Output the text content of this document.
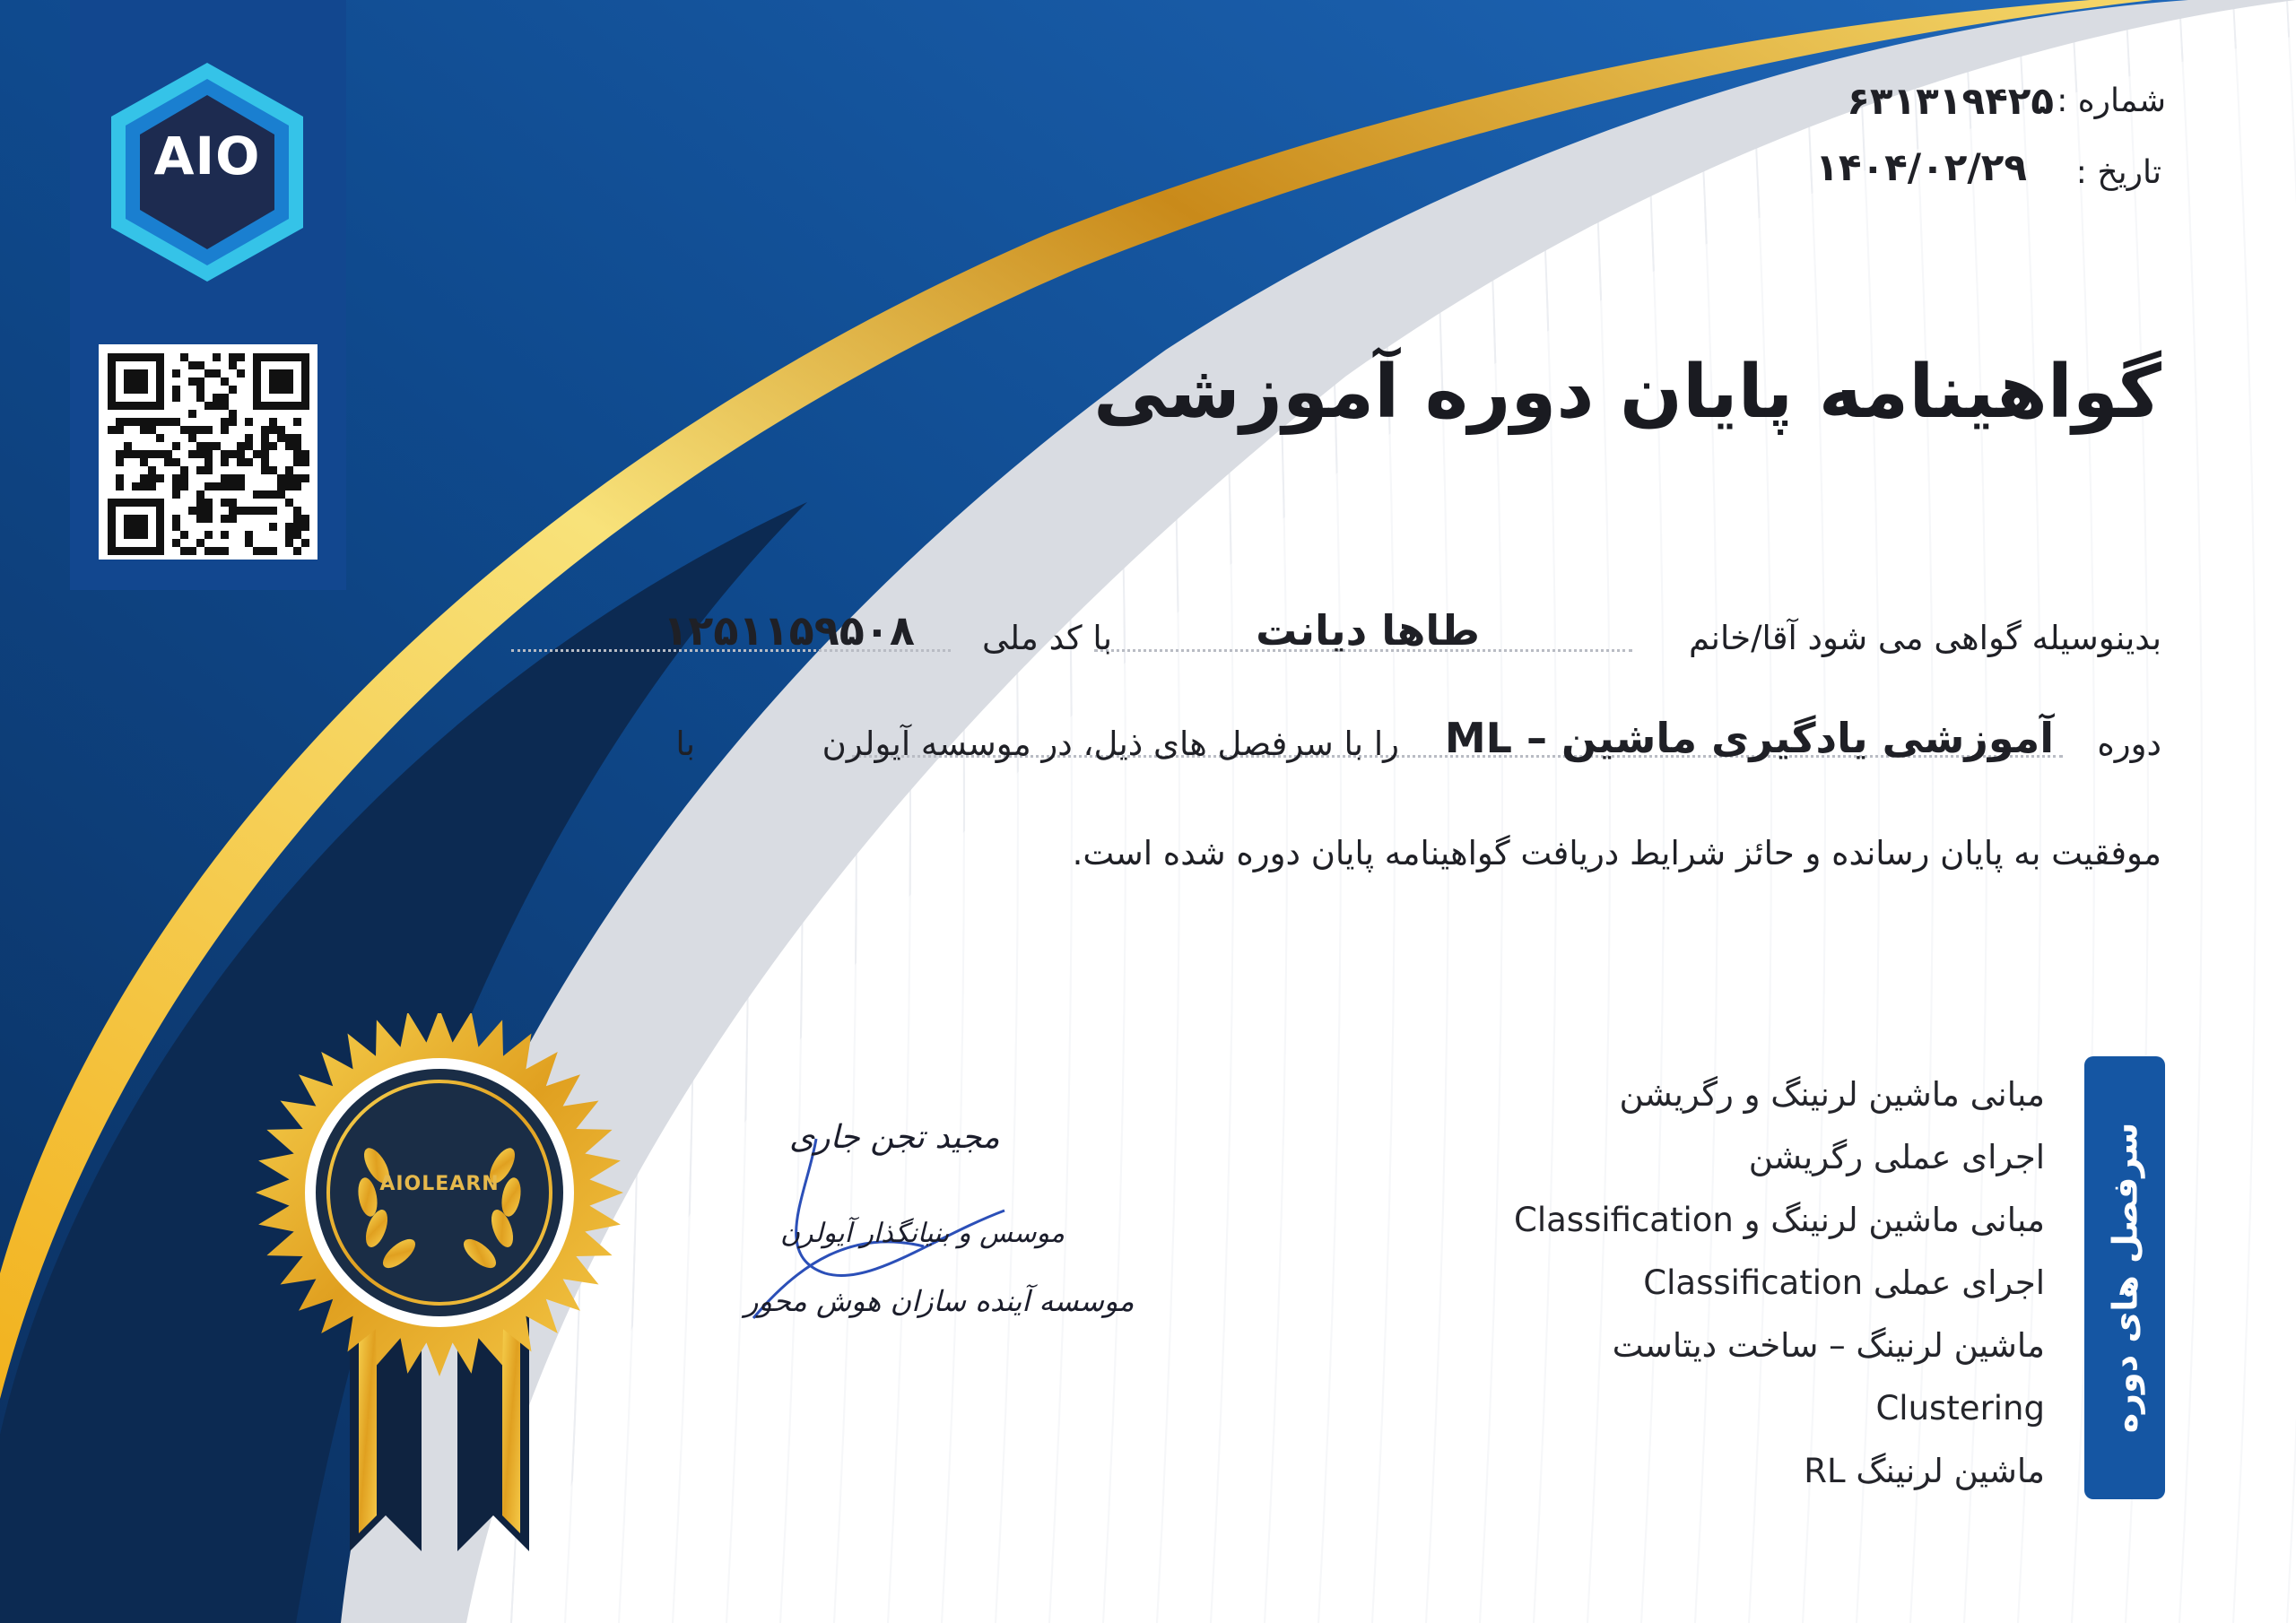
AIO
شماره :
۶۳۱۳۱۹۴۲۵
تاریخ :
۱۴۰۴/۰۲/۲۹
گواهینامه پایان دوره آموزشی
بدینوسیله گواهی می شود آقا/خانم
طاها دیانت
با کد ملی
۱۲۵۱۱۵۹۵۰۸
دوره
آموزشی یادگیری ماشین – ML
را با سرفصل های ذیل، در موسسه آیولرن
با
موفقیت به پایان رسانده و حائز شرایط دریافت گواهینامه پایان دوره شده است.
سرفصل های دوره
مبانی ماشین لرنینگ و رگریشن
اجرای عملی رگریشن
مبانی ماشین لرنینگ و Classification
اجرای عملی Classification
ماشین لرنینگ – ساخت دیتاست
Clustering
ماشین لرنینگ RL
AIOLEARN
مجید تجن جاری
موسس و بنیانگذار آیولرن
موسسه آینده سازان هوش محور
